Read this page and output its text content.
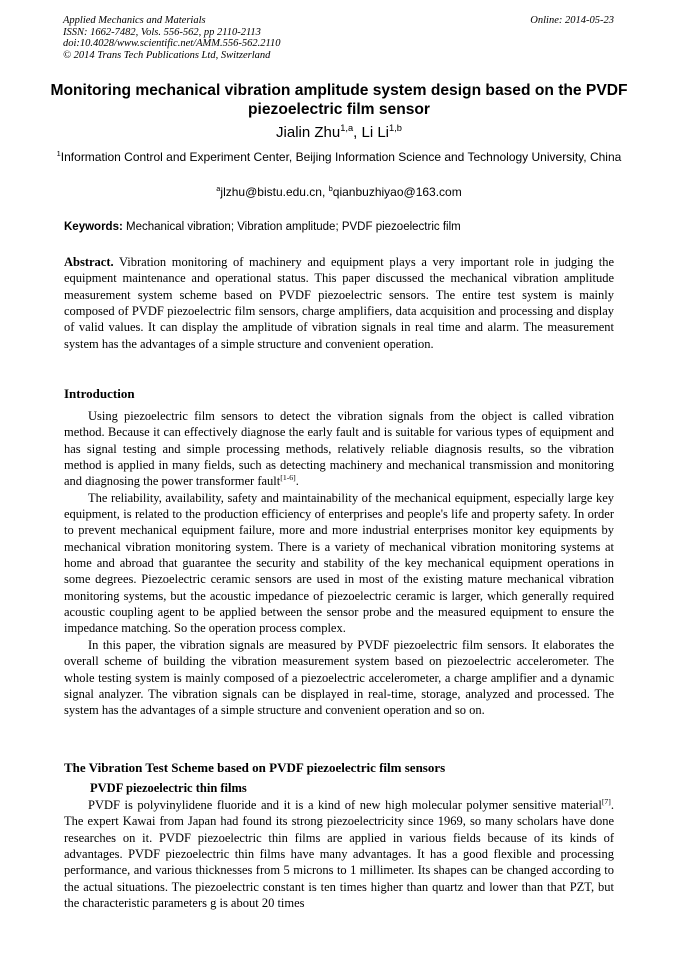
Applied Mechanics and Materials
ISSN: 1662-7482, Vols. 556-562, pp 2110-2113
doi:10.4028/www.scientific.net/AMM.556-562.2110
© 2014 Trans Tech Publications Ltd, Switzerland
Online: 2014-05-23
Monitoring mechanical vibration amplitude system design based on the PVDF piezoelectric film sensor
Jialin Zhu$^{1,a}$, Li Li$^{1,b}$
$^1$Information Control and Experiment Center, Beijing Information Science and Technology University, China
$^a$jlzhu@bistu.edu.cn, $^b$qianbuzhiyao@163.com
Keywords: Mechanical vibration; Vibration amplitude; PVDF piezoelectric film
Abstract. Vibration monitoring of machinery and equipment plays a very important role in judging the equipment maintenance and operational status. This paper discussed the mechanical vibration amplitude measurement system scheme based on PVDF piezoelectric sensors. The entire test system is mainly composed of PVDF piezoelectric film sensors, charge amplifiers, data acquisition and processing and display of valid values. It can display the amplitude of vibration signals in real time and alarm. The measurement system has the advantages of a simple structure and convenient operation.
Introduction

Using piezoelectric film sensors to detect the vibration signals from the object is called vibration method. Because it can effectively diagnose the early fault and is suitable for various types of equipment and has signal testing and simple processing methods, relatively reliable diagnosis results, so the vibration method is applied in many fields, such as detecting machinery and mechanical transmission and monitoring and diagnosing the power transformer fault[1-6].

The reliability, availability, safety and maintainability of the mechanical equipment, especially large key equipment, is related to the production efficiency of enterprises and people's life and property safety. In order to prevent mechanical equipment failure, more and more industrial enterprises monitor key equipments by mechanical vibration monitoring system. There is a variety of mechanical vibration monitoring systems at home and abroad that guarantee the security and stability of the key mechanical equipment operations in some degrees. Piezoelectric ceramic sensors are used in most of the existing mature mechanical vibration monitoring systems, but the acoustic impedance of piezoelectric ceramic is larger, which generally required acoustic coupling agent to be applied between the sensor probe and the measured equipment to ensure the impedance matching. So the operation process complex.

In this paper, the vibration signals are measured by PVDF piezoelectric film sensors. It elaborates the overall scheme of building the vibration measurement system based on piezoelectric accelerometer. The whole testing system is mainly composed of a piezoelectric accelerometer, a charge amplifier and a dynamic signal analyzer. The vibration signals can be displayed in real-time, storage, analyzed and processed. The system has the advantages of a simple structure and convenient operation and so on.

The Vibration Test Scheme based on PVDF piezoelectric film sensors
PVDF piezoelectric thin films

PVDF is polyvinylidene fluoride and it is a kind of new high molecular polymer sensitive material[7]. The expert Kawai from Japan had found its strong piezoelectricity since 1969, so many scholars have done researches on it. PVDF piezoelectric thin films are applied in various fields because of its kinds of advantages. PVDF piezoelectric thin films have many advantages. It has a good flexible and processing performance, and various thicknesses from 5 microns to 1 millimeter. Its shapes can be changed according to the actual situations. The piezoelectric constant is ten times higher than quartz and lower than that PZT, but the characteristic parameters g is about 20 times
